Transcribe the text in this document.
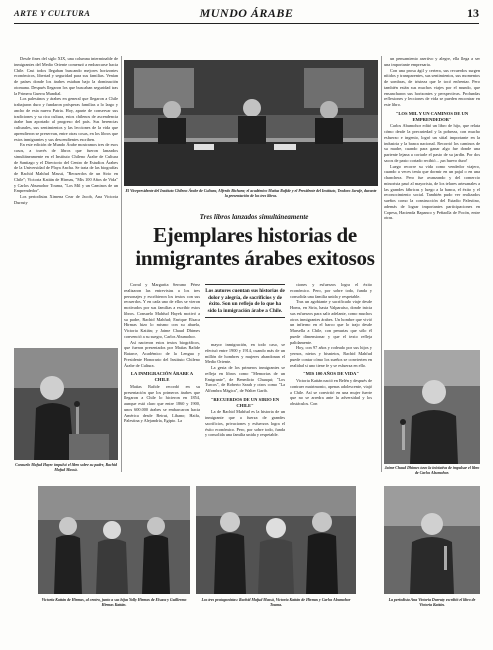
ARTE Y CULTURA	MUNDO ÁRABE	13

Desde fines del siglo XIX, una columna interminable de inmigrantes del Medio Oriente comenzó a embarcarse hacia Chile. Casi todos llegaban buscando mejores horizontes económicos, libertad y seguridad para sus familias. Venían de países donde los árabes estaban bajo la dominación otomana. Después llegaron los que buscaban seguridad tras la Primera Guerra Mundial.

Los palestinos y árabes en general que llegaron a Chile trabajaron duro y fundaron prósperas familias a lo largo y ancho de esta nueva Patria. Hoy, aparte de conservar sus tradiciones y su rica cultura, estos chilenos de ascendencia árabe han aportado al progreso del país. Sus herencias culturales, sus sentimientos y las lecciones de la vida que aprendieron se preservan, entre otras cosas, en los libros que estos inmigrantes y sus descendientes escriben.

En este edición de Mundo Árabe mostramos tres de esos casos, a través de libros que fueron lanzados simultáneamente en el Instituto Chileno Árabe de Cultura de Santiago y el Directorio del Centro de Estudios Árabes de la Universidad de Playa Ancha. Se trata de las biografías de Rachid Mahfud Massú, "Recuerdos de un Sirio en Chile"; Victoria Katián de Hirmas, "Mis 100 Años de Vida" y Carlos Abumohor Touma, "Los Mil y un Caminos de un Emprendedor".

Los periodistas Ximena Cear de Jacob, Ana Victoria Durruty

El Vicepresidente del Instituto Chileno Árabe de Cultura, Alfredo Bichara; el académico Matías Rafide y el Presidente del Instituto, Teodoro Jarufe, durante la presentación de los tres libros.
Tres libros lanzados simultáneamente
Ejemplares historias de inmigrantes árabes exitosos

Corral y Margarita Serrano Pérez realizaron las entrevistas a los tres personajes y escribieron los textos con sus recuerdos. Y en cada uno de ellos se vieron motivados por sus familias a escribir estos libros. Consuelo Mahfud Hayek motivó a su padre, Rachid Mahfud; Enrique Elsaca Hirmas hizo lo mismo con su abuela, Victoria Katián; y Jaime Chaud Dhimes convenció a su suegro, Carlos Abumohor.

Así nacieron estos textos biográficos, que fueron presentados por Matías Rafide Batarce, Académico de la Lengua y Presidente Honorario del Instituto Chileno Árabe de Cultura.

LA INMIGRACIÓN ÁRABE A CHILE

Matías Rafide recordó en su presentación que los primeros árabes que llegaron a Chile lo hicieron en 1854, aunque está claro que entre 1860 y 1900, unos 600.000 árabes se embarcaron hacia América desde Beirut, Líbano; Haifa, Palestina y Alejandría, Egipto. La

Los autores cuentan sus historias de dolor y alegría, de sacrificios y de éxito. Son un reflejo de lo que ha sido la inmigración árabe a Chile.

mayor inmigración, en todo caso, se efectuó entre 1900 y 1914, cuando más de un millón de hombres y mujeres abandonan el Medio Oriente.

La gesta de los primeros inmigrantes se refleja en libros como "Memorias de un Emigrante", de Benedicto Chuaqui; "Los Turcos", de Roberto Sarah y otros como "La Alfombra Mágica", de Walter Garib.

"RECUERDOS DE UN SIRIO EN CHILE"

La de Rachid Mahfud es la historia de un inmigrante que a fuerza de grandes sacrificios, privaciones y esfuerzos logra el éxito económico. Pero, por sobre todo, funda y consolida una familia unida y respetable.

ciones y esfuerzos logra el éxito económico. Pero, por sobre todo, funda y consolida una familia unida y respetable.

Tras un agobiante y sacrificado viaje desde Homs, en Siria, hasta Valparaíso, donde inicia sus esfuerzos para salir adelante, como muchos otros inmigrantes árabes. Un hombre que vivió un infierno en el barco que lo trajo desde Marsella a Chile, con penurias que sólo él puede dimensionar y que el texto refleja palidamente.

Hoy, con 97 años y rodeado por sus hijos y yernos, nietos y bisnietos, Rachid Mahfud puede contar cómo los sueños se convierten en realidad si uno tiene fe y se esfuerza en ello.

"MIS 100 AÑOS DE VIDA"

Victoria Kattán nació en Belén y después de contraer matrimonio, apenas adolescente, viajó a Chile. Así se convirtió en una mujer fuerte que no se arredra ante la adversidad y los obstáculos. Con

un pensamiento asertivo y alegre, ella llega a ser una importante empresaria.

Con una prosa ágil y certera, sus recuerdos surgen nítidos y transparentes, sus sentimientos, sus momentos de sombras, de tristeza que le tocó enfrentar. Pero también están sus muchos viajes por el mundo, que ensancharon sus horizontes y perspectivas. Profundas reflexiones y lecciones de vida se pueden encontrar en este libro.

"LOS MIL Y UN CAMINOS DE UN EMPRENDEDOR"

Carlos Abumohor editó un libro de hijo, que relata cómo desde la precariedad y la pobreza, con mucho esfuerzo e ingenio, logró un sitial importante en la industria y la banca nacional. Recorrió los caminos de su madre, cuando para ganar algo fue donde una pariente lejana a cortarle el pasto de su jardín. Por dos sacos de pasto cortado recibió... ¡un huevo duro!

Luego recorre su vida como vendedor viajero, cuando a veces tenía que dormir en un pajal o en una chanchera. Pero fue avanzando y del comercio minorista pasó al mayorista, de los telares artesanales a las grandes fábricas y luego a la banca, el éxito y el reconocimiento social. También pudo ver realizados sueños como la construcción del Estadio Palestino, además de lograr importantes participaciones en Copesa, Hacienda Rapanco y Peñaolla de Pocón, entre otras.

Consuelo Mafud Hayec impulsó el libro sobre su padre, Rachid Mafud Massú.	Jaime Chaud Dhimes tuvo la iniciativa de impulsar el libro de Carlos Abumohor.
Victoria Kattán de Hirmas, al centro, junto a sus hijas Yolly Hirmas de Elsaca y Guillermo Hirmas Kattán.
Los tres protagonistas: Rachid Mafud Massú, Victoria Kattán de Hirmas y Carlos Abumohor Touma.
La periodista Ana Victoria Durruty escribió el libro de Victoria Kattán.
